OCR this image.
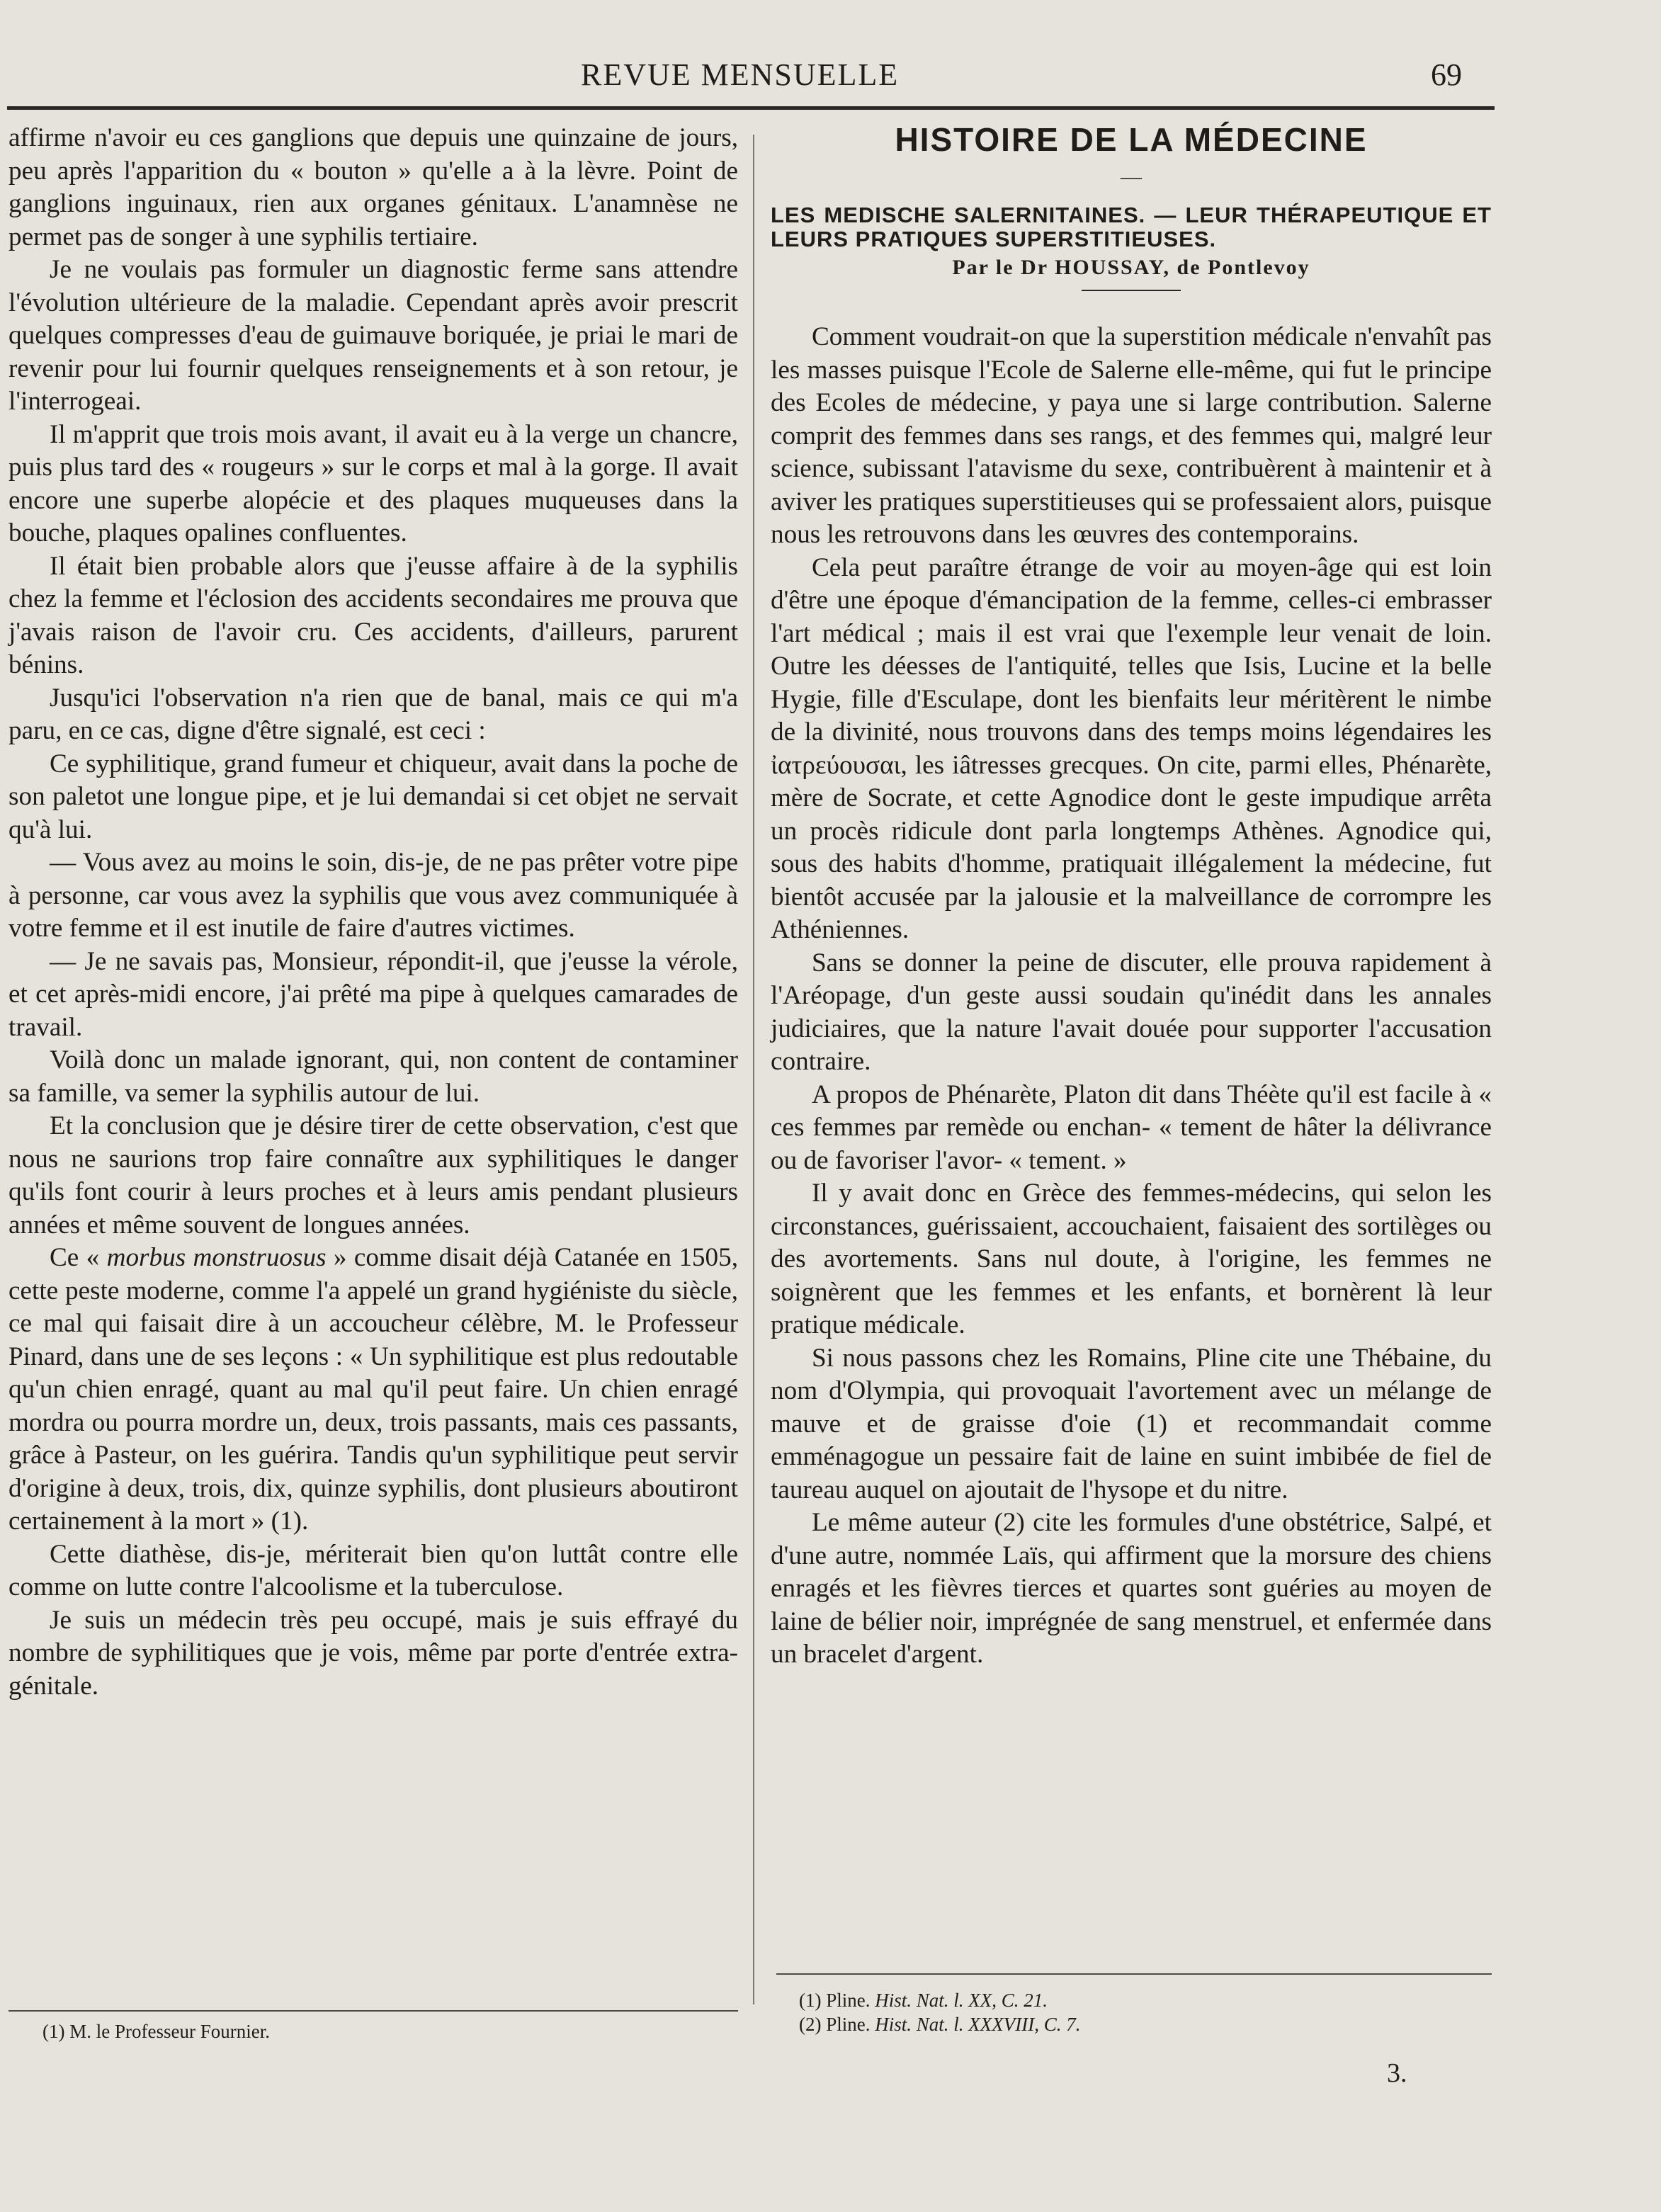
REVUE MENSUELLE	69

affirme n'avoir eu ces ganglions que depuis une quinzaine de jours, peu après l'apparition du « bouton » qu'elle a à la lèvre. Point de ganglions inguinaux, rien aux organes génitaux. L'anamnèse ne permet pas de songer à une syphilis tertiaire.

Je ne voulais pas formuler un diagnostic ferme sans attendre l'évolution ultérieure de la maladie. Cependant après avoir prescrit quelques compresses d'eau de guimauve boriquée, je priai le mari de revenir pour lui fournir quelques renseignements et à son retour, je l'interrogeai.

Il m'apprit que trois mois avant, il avait eu à la verge un chancre, puis plus tard des « rougeurs » sur le corps et mal à la gorge. Il avait encore une superbe alopécie et des plaques muqueuses dans la bouche, plaques opalines confluentes.

Il était bien probable alors que j'eusse affaire à de la syphilis chez la femme et l'éclosion des accidents secondaires me prouva que j'avais raison de l'avoir cru. Ces accidents, d'ailleurs, parurent bénins.

Jusqu'ici l'observation n'a rien que de banal, mais ce qui m'a paru, en ce cas, digne d'être signalé, est ceci :

Ce syphilitique, grand fumeur et chiqueur, avait dans la poche de son paletot une longue pipe, et je lui demandai si cet objet ne servait qu'à lui.

— Vous avez au moins le soin, dis-je, de ne pas prêter votre pipe à personne, car vous avez la syphilis que vous avez communiquée à votre femme et il est inutile de faire d'autres victimes.

— Je ne savais pas, Monsieur, répondit-il, que j'eusse la vérole, et cet après-midi encore, j'ai prêté ma pipe à quelques camarades de travail.

Voilà donc un malade ignorant, qui, non content de contaminer sa famille, va semer la syphilis autour de lui.

Et la conclusion que je désire tirer de cette observation, c'est que nous ne saurions trop faire connaître aux syphilitiques le danger qu'ils font courir à leurs proches et à leurs amis pendant plusieurs années et même souvent de longues années.

Ce « morbus monstruosus » comme disait déjà Catanée en 1505, cette peste moderne, comme l'a appelé un grand hygiéniste du siècle, ce mal qui faisait dire à un accoucheur célèbre, M. le Professeur Pinard, dans une de ses leçons : « Un syphilitique est plus redoutable qu'un chien enragé, quant au mal qu'il peut faire. Un chien enragé mordra ou pourra mordre un, deux, trois passants, mais ces passants, grâce à Pasteur, on les guérira. Tandis qu'un syphilitique peut servir d'origine à deux, trois, dix, quinze syphilis, dont plusieurs aboutiront certainement à la mort » (1).

Cette diathèse, dis-je, mériterait bien qu'on luttât contre elle comme on lutte contre l'alcoolisme et la tuberculose.

Je suis un médecin très peu occupé, mais je suis effrayé du nombre de syphilitiques que je vois, même par porte d'entrée extra-génitale.

(1) M. le Professeur Fournier.
HISTOIRE DE LA MÉDECINE
—

LES MEDISCHE SALERNITAINES. — LEUR THÉRAPEUTIQUE ET LEURS PRATIQUES SUPERSTITIEUSES.

Par le Dr HOUSSAY, de Pontlevoy

Comment voudrait-on que la superstition médicale n'envahît pas les masses puisque l'Ecole de Salerne elle-même, qui fut le principe des Ecoles de médecine, y paya une si large contribution. Salerne comprit des femmes dans ses rangs, et des femmes qui, malgré leur science, subissant l'atavisme du sexe, contribuèrent à maintenir et à aviver les pratiques superstitieuses qui se professaient alors, puisque nous les retrouvons dans les œuvres des contemporains.

Cela peut paraître étrange de voir au moyen-âge qui est loin d'être une époque d'émancipation de la femme, celles-ci embrasser l'art médical ; mais il est vrai que l'exemple leur venait de loin. Outre les déesses de l'antiquité, telles que Isis, Lucine et la belle Hygie, fille d'Esculape, dont les bienfaits leur méritèrent le nimbe de la divinité, nous trouvons dans des temps moins légendaires les ἰατρεύουσαι, les iâtresses grecques. On cite, parmi elles, Phénarète, mère de Socrate, et cette Agnodice dont le geste impudique arrêta un procès ridicule dont parla longtemps Athènes. Agnodice qui, sous des habits d'homme, pratiquait illégalement la médecine, fut bientôt accusée par la jalousie et la malveillance de corrompre les Athéniennes.

Sans se donner la peine de discuter, elle prouva rapidement à l'Aréopage, d'un geste aussi soudain qu'inédit dans les annales judiciaires, que la nature l'avait douée pour supporter l'accusation contraire.

A propos de Phénarète, Platon dit dans Théète qu'il est facile à « ces femmes par remède ou enchan- « tement de hâter la délivrance ou de favoriser l'avor- « tement. »

Il y avait donc en Grèce des femmes-médecins, qui selon les circonstances, guérissaient, accouchaient, faisaient des sortilèges ou des avortements. Sans nul doute, à l'origine, les femmes ne soignèrent que les femmes et les enfants, et bornèrent là leur pratique médicale.

Si nous passons chez les Romains, Pline cite une Thébaine, du nom d'Olympia, qui provoquait l'avortement avec un mélange de mauve et de graisse d'oie (1) et recommandait comme emménagogue un pessaire fait de laine en suint imbibée de fiel de taureau auquel on ajoutait de l'hysope et du nitre.

Le même auteur (2) cite les formules d'une obstétrice, Salpé, et d'une autre, nommée Laïs, qui affirment que la morsure des chiens enragés et les fièvres tierces et quartes sont guéries au moyen de laine de bélier noir, imprégnée de sang menstruel, et enfermée dans un bracelet d'argent.

(1) Pline. Hist. Nat. l. XX, C. 21.
(2) Pline. Hist. Nat. l. XXXVIII, C. 7.
3.
